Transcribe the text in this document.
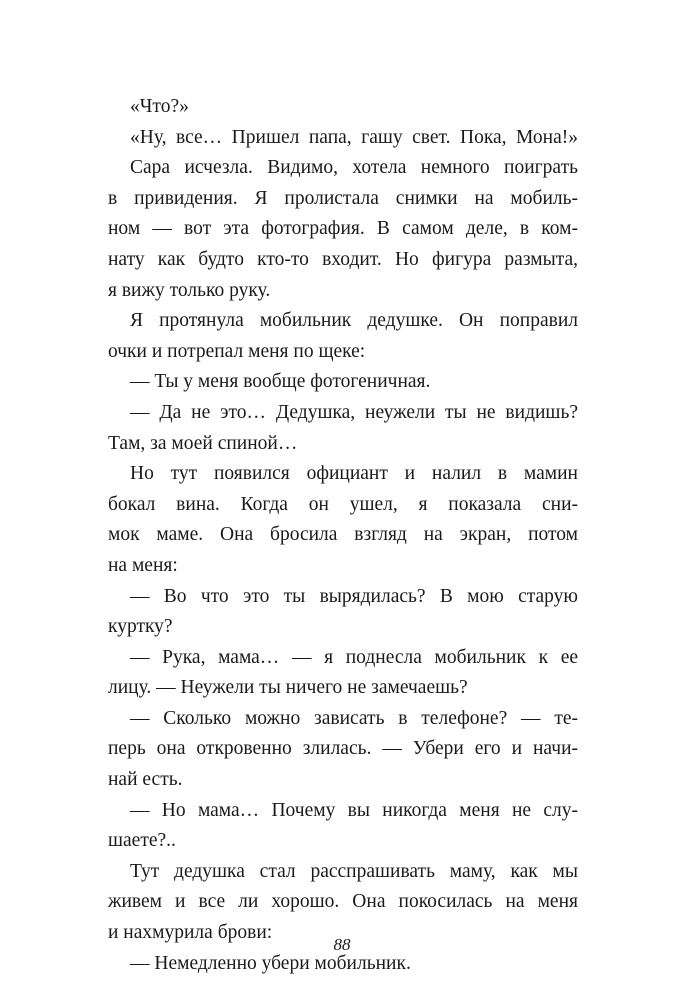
«Что?»
«Ну, все… Пришел папа, гашу свет. Пока, Мона!»
Сара исчезла. Видимо, хотела немного поиграть
в привидения. Я пролистала снимки на мобиль-
ном — вот эта фотография. В самом деле, в ком-
нату как будто кто-то входит. Но фигура размыта,
я вижу только руку.
Я протянула мобильник дедушке. Он поправил
очки и потрепал меня по щеке:
— Ты у меня вообще фотогеничная.
— Да не это… Дедушка, неужели ты не видишь?
Там, за моей спиной…
Но тут появился официант и налил в мамин
бокал вина. Когда он ушел, я показала сни-
мок маме. Она бросила взгляд на экран, потом
на меня:
— Во что это ты вырядилась? В мою старую
куртку?
— Рука, мама… — я поднесла мобильник к ее
лицу. — Неужели ты ничего не замечаешь?
— Сколько можно зависать в телефоне? — те-
перь она откровенно злилась. — Убери его и начи-
най есть.
— Но мама… Почему вы никогда меня не слу-
шаете?..
Тут дедушка стал расспрашивать маму, как мы
живем и все ли хорошо. Она покосилась на меня
и нахмурила брови:
— Немедленно убери мобильник.
88
